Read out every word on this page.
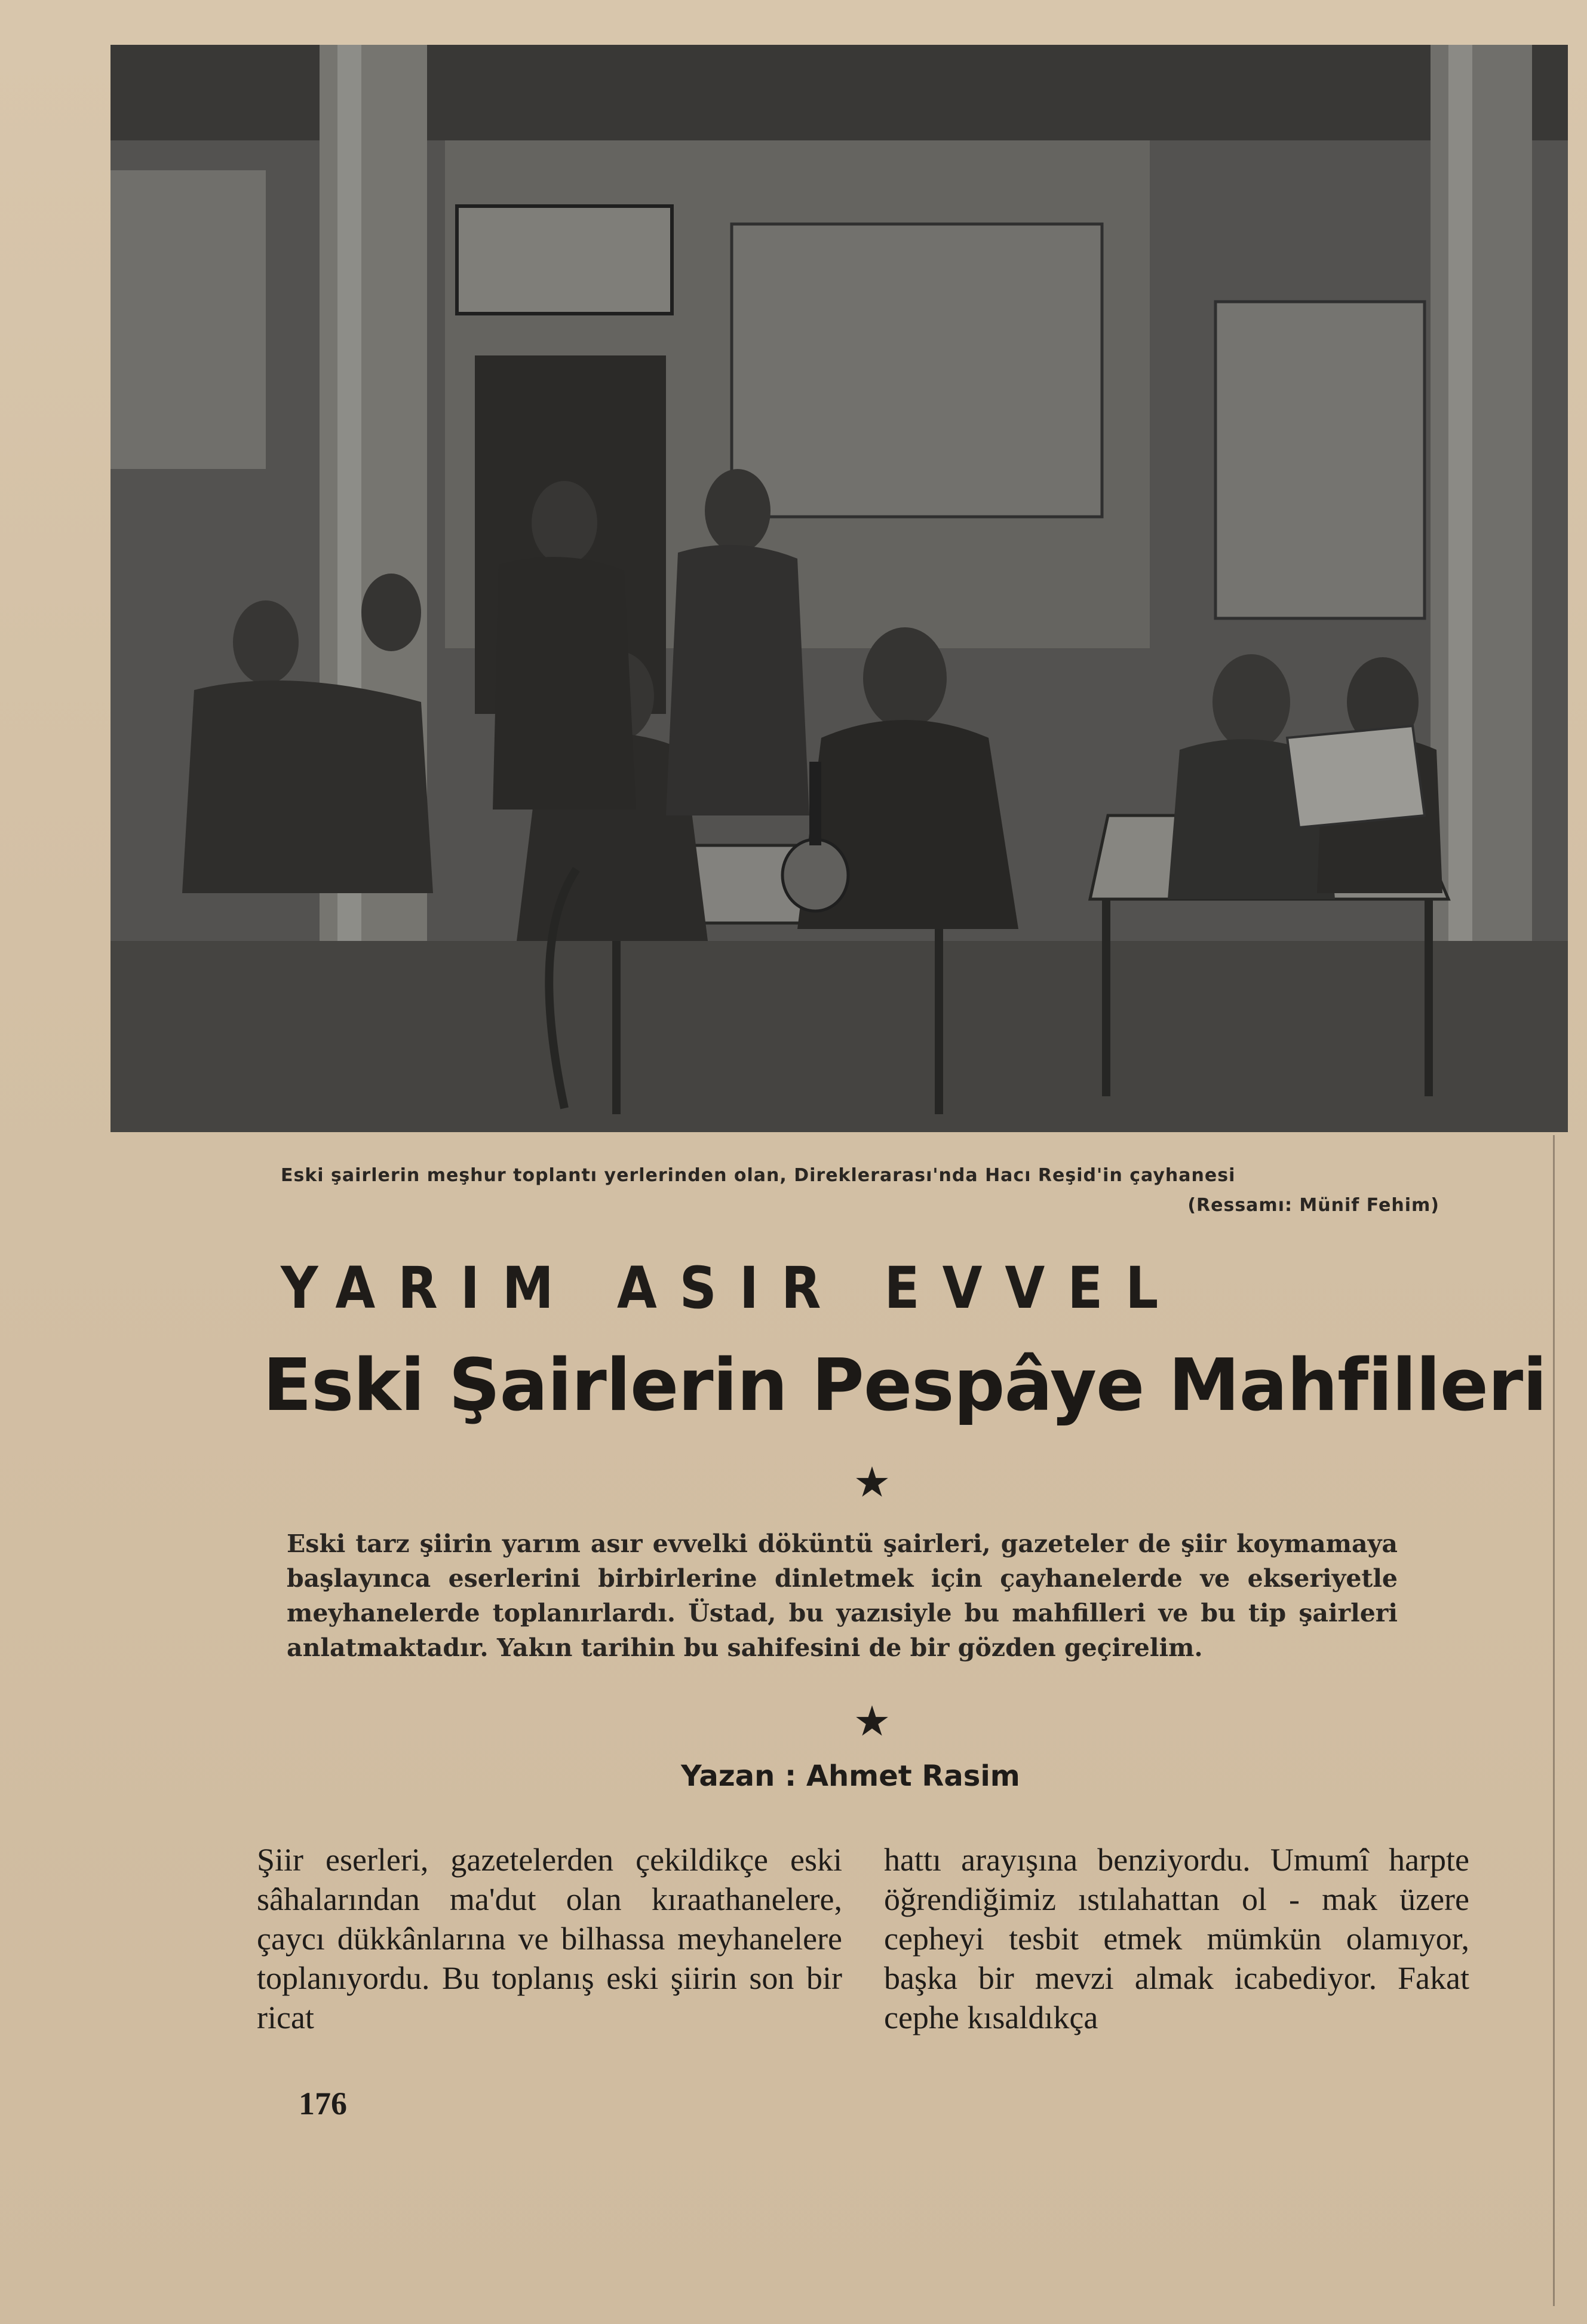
Eski şairlerin meşhur toplantı yerlerinden olan, Direklerarası'nda Hacı Reşid'in çayhanesi
(Ressamı: Münif Fehim)
YARIM ASIR EVVEL
Eski Şairlerin Pespâye Mahfilleri
★
Eski tarz şiirin yarım asır evvelki döküntü şairleri, gazeteler de şiir koymamaya başlayınca eserlerini birbirlerine dinletmek için çayhanelerde ve ekseriyetle meyhanelerde toplanırlardı. Üstad, bu yazısiyle bu mahfilleri ve bu tip şairleri anlatmaktadır. Yakın tarihin bu sahifesini de bir gözden geçirelim.
★
Yazan : Ahmet Rasim
Şiir eserleri, gazetelerden çekildikçe eski sâhalarından ma'dut olan kıraathanelere, çaycı dükkânlarına ve bilhassa meyhanelere toplanıyordu. Bu toplanış eski şiirin son bir ricat
hattı arayışına benziyordu. Umumî harpte öğrendiğimiz ıstılahattan ol - mak üzere cepheyi tesbit etmek mümkün olamıyor, başka bir mevzi almak icabediyor. Fakat cephe kısaldıkça
176
